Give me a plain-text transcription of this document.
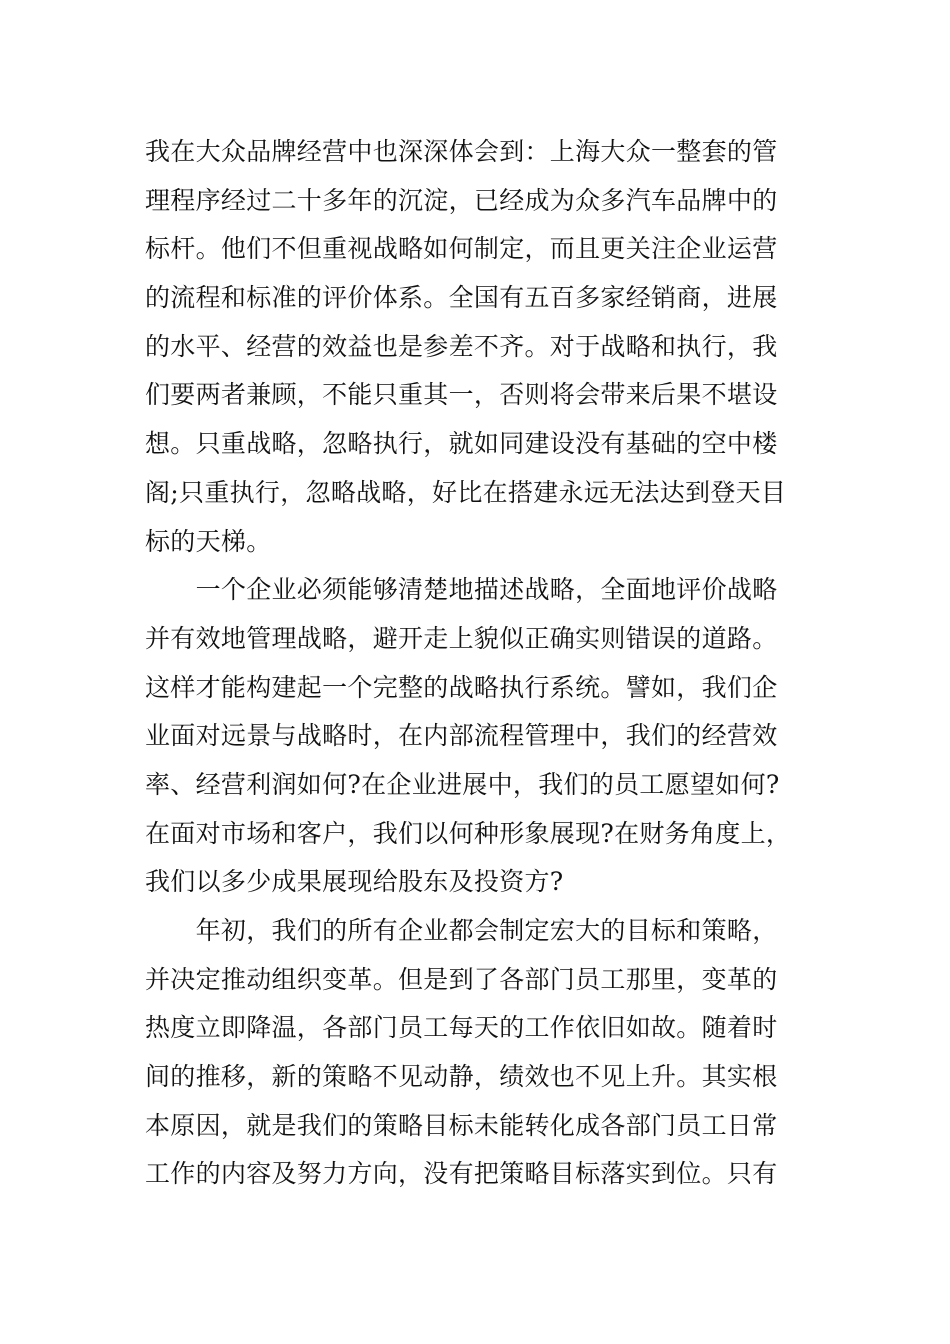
我在大众品牌经营中也深深体会到：上海大众一整套的管
理程序经过二十多年的沉淀，已经成为众多汽车品牌中的
标杆。他们不但重视战略如何制定，而且更关注企业运营
的流程和标准的评价体系。全国有五百多家经销商，进展
的水平、经营的效益也是参差不齐。对于战略和执行，我
们要两者兼顾，不能只重其一，否则将会带来后果不堪设
想。只重战略，忽略执行，就如同建设没有基础的空中楼
阁;只重执行，忽略战略，好比在搭建永远无法达到登天目
标的天梯。
　　一个企业必须能够清楚地描述战略，全面地评价战略
并有效地管理战略，避开走上貌似正确实则错误的道路。
这样才能构建起一个完整的战略执行系统。譬如，我们企
业面对远景与战略时，在内部流程管理中，我们的经营效
率、经营利润如何?在企业进展中，我们的员工愿望如何?
在面对市场和客户，我们以何种形象展现?在财务角度上，
我们以多少成果展现给股东及投资方?
　　年初，我们的所有企业都会制定宏大的目标和策略，
并决定推动组织变革。但是到了各部门员工那里，变革的
热度立即降温，各部门员工每天的工作依旧如故。随着时
间的推移，新的策略不见动静，绩效也不见上升。其实根
本原因，就是我们的策略目标未能转化成各部门员工日常
工作的内容及努力方向，没有把策略目标落实到位。只有
